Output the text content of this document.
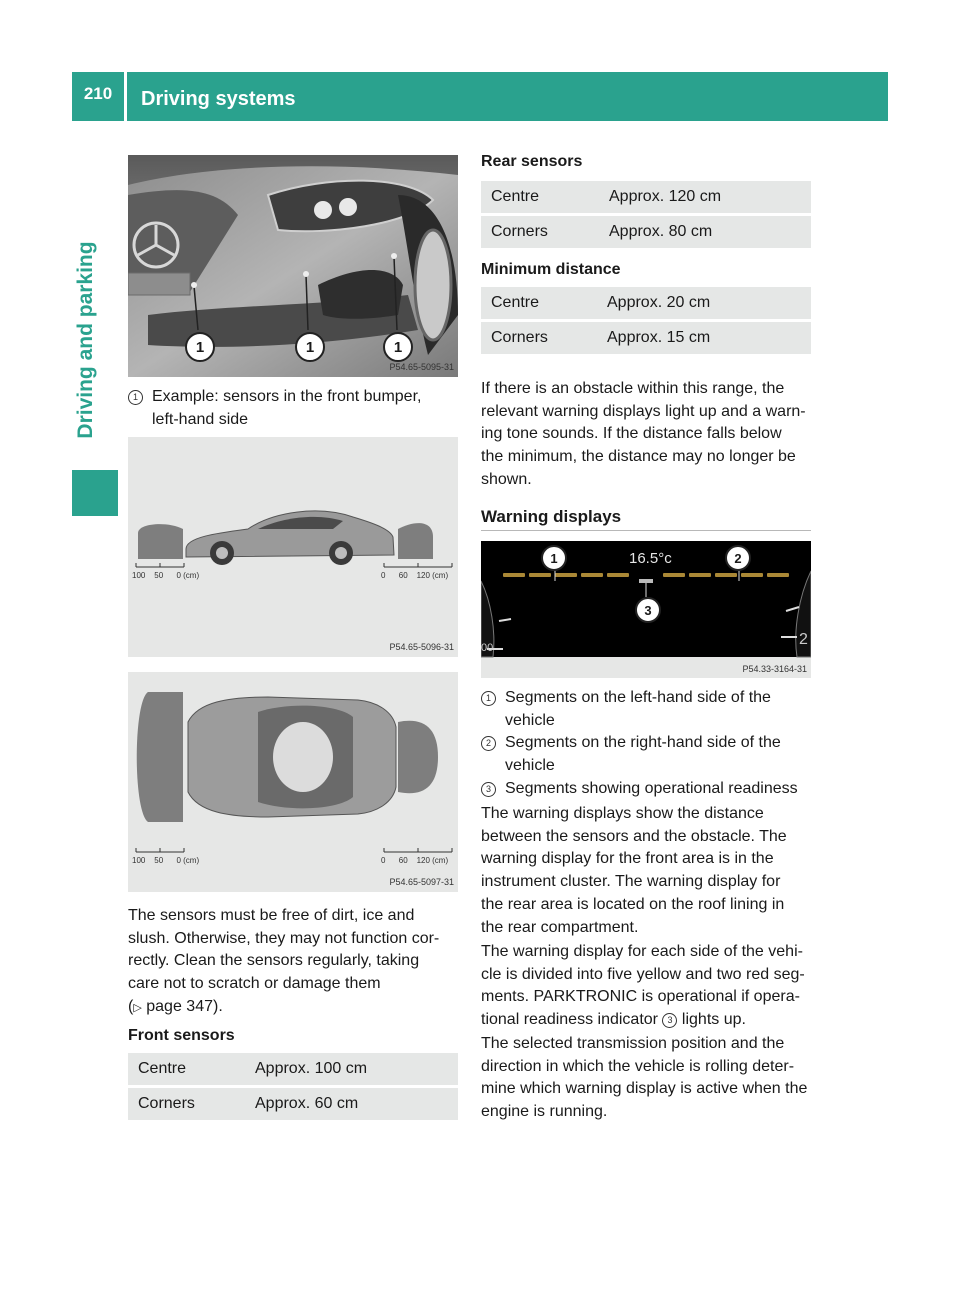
210	Driving systems
Driving and parking	1	1	1
P54.65-5095-31
1 Example: sensors in the front bumper,
left-hand side
100    50      0 (cm)	0      60    120 (cm)
P54.65-5096-31
100    50      0 (cm)	0      60    120 (cm)
P54.65-5097-31
The sensors must be free of dirt, ice and
slush. Otherwise, they may not function cor-
rectly. Clean the sensors regularly, taking
care not to scratch or damage them
(▷ page 347).
Front sensors
Centre	Approx. 100 cm
Corners	Approx. 60 cm
Rear sensors
Centre	Approx. 120 cm
Corners	Approx. 80 cm
Minimum distance
Centre	Approx. 20 cm
Corners	Approx. 15 cm
If there is an obstacle within this range, the
relevant warning displays light up and a warn-
ing tone sounds. If the distance falls below
the minimum, the distance may no longer be
shown.
Warning displays
16.5°c
00	2
1	2
3
P54.33-3164-31
1 Segments on the left-hand side of the
vehicle
2 Segments on the right-hand side of the
vehicle
3 Segments showing operational readiness
The warning displays show the distance
between the sensors and the obstacle. The
warning display for the front area is in the
instrument cluster. The warning display for
the rear area is located on the roof lining in
the rear compartment.
The warning display for each side of the vehi-
cle is divided into five yellow and two red seg-
ments. PARKTRONIC is operational if opera-
tional readiness indicator 3 lights up.
The selected transmission position and the
direction in which the vehicle is rolling deter-
mine which warning display is active when the
engine is running.
